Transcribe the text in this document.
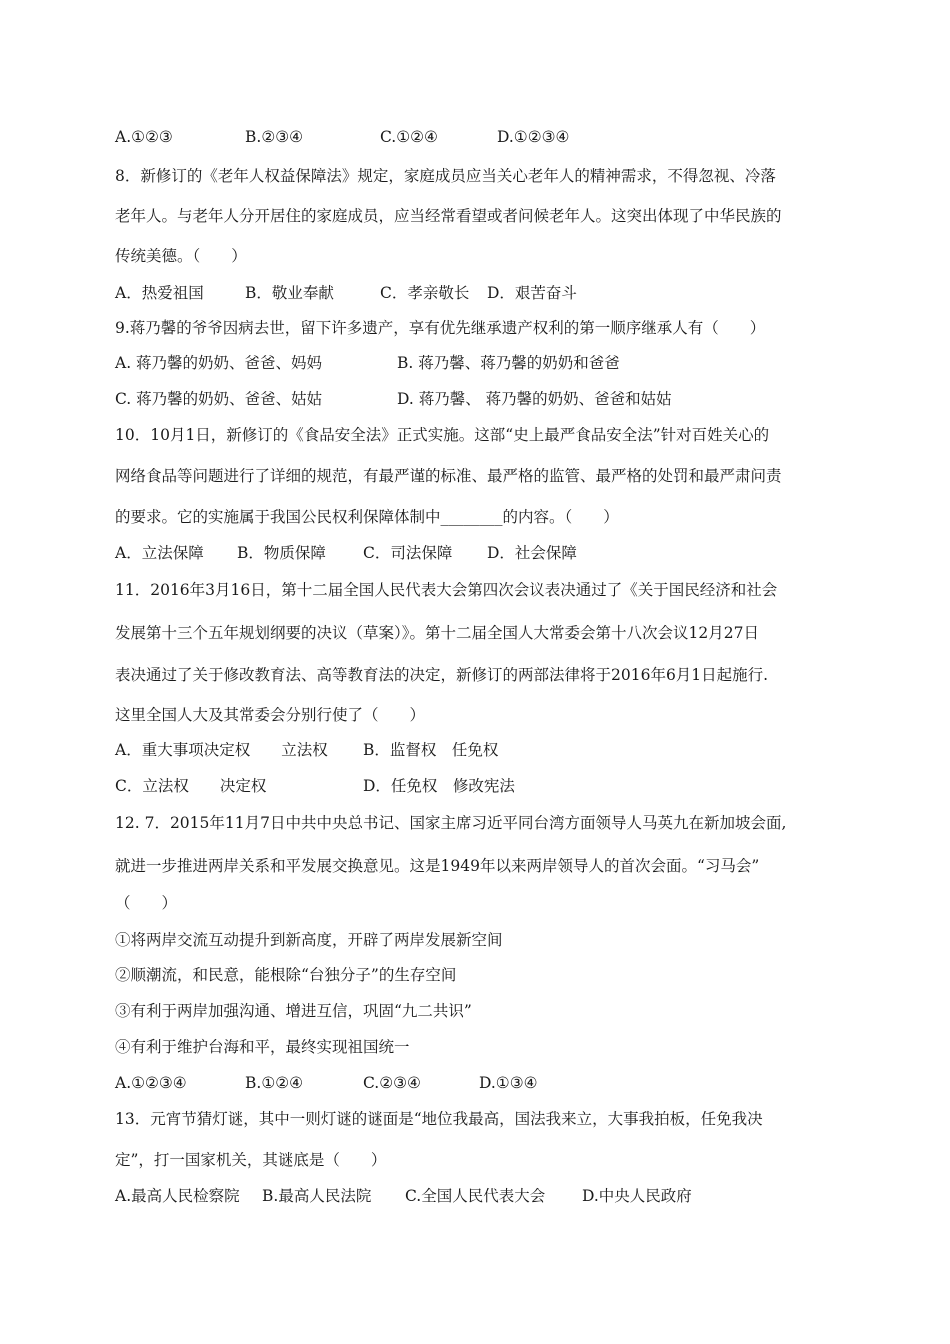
A.①②③	B.②③④	C.①②④	D.①②③④

8．新修订的《老年人权益保障法》规定，家庭成员应当关心老年人的精神需求，不得忽视、冷落

老年人。与老年人分开居住的家庭成员，应当经常看望或者问候老年人。这突出体现了中华民族的

传统美德。（　　）

A．热爱祖国	B．敬业奉献	C．孝亲敬长 D．艰苦奋斗

9.蒋乃馨的爷爷因病去世，留下许多遗产，享有优先继承遗产权利的第一顺序继承人有（　　）

A. 蒋乃馨的奶奶、爸爸、妈妈	B. 蒋乃馨、蒋乃馨的奶奶和爸爸
C. 蒋乃馨的奶奶、爸爸、姑姑	D. 蒋乃馨、 蒋乃馨的奶奶、爸爸和姑姑

10．10月1日，新修订的《食品安全法》正式实施。这部“史上最严食品安全法”针对百姓关心的

网络食品等问题进行了详细的规范，有最严谨的标准、最严格的监管、最严格的处罚和最严肃问责

的要求。它的实施属于我国公民权利保障体制中________的内容。（　　）

A．立法保障 B．物质保障 C．司法保障 D．社会保障

11．2016年3月16日，第十二届全国人民代表大会第四次会议表决通过了《关于国民经济和社会

发展第十三个五年规划纲要的决议（草案）》。第十二届全国人大常委会第十八次会议12月27日

表决通过了关于修改教育法、高等教育法的决定，新修订的两部法律将于2016年6月1日起施行.

这里全国人大及其常委会分别行使了（　　）

A．重大事项决定权　　立法权 B．监督权　任免权
C．立法权　　决定权	D．任免权　修改宪法

12. 7．2015年11月7日中共中央总书记、国家主席习近平同台湾方面领导人马英九在新加坡会面,

就进一步推进两岸关系和平发展交换意见。这是1949年以来两岸领导人的首次会面。“习马会”

（　　）

①将两岸交流互动提升到新高度，开辟了两岸发展新空间

②顺潮流，和民意，能根除“台独分子”的生存空间

③有利于两岸加强沟通、增进互信，巩固“九二共识”

④有利于维护台海和平，最终实现祖国统一

A.①②③④	B.①②④	C.②③④	D.①③④

13．元宵节猜灯谜，其中一则灯谜的谜面是“地位我最高，国法我来立，大事我拍板，任免我决

定”，打一国家机关，其谜底是（　　）

A.最高人民检察院 B.最高人民法院 C.全国人民代表大会 D.中央人民政府
